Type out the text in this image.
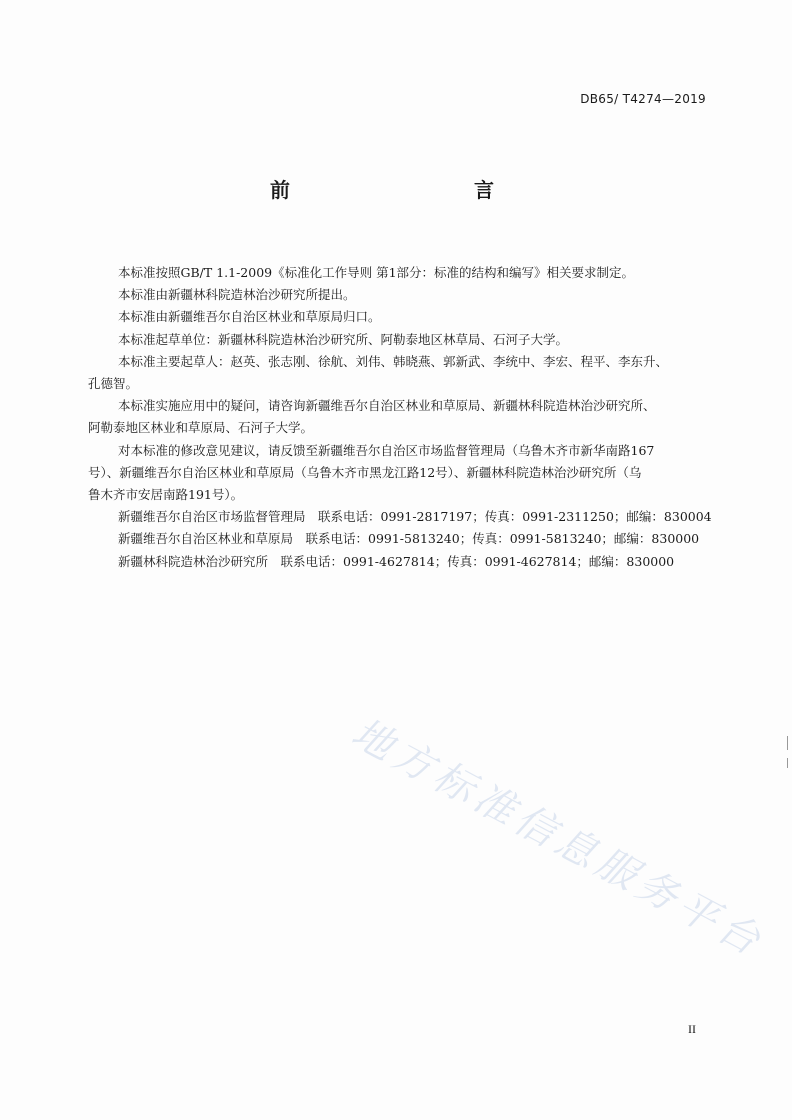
DB65/ T4274—2019
前　　言

本标准按照GB/T 1.1-2009《标准化工作导则 第1部分：标准的结构和编写》相关要求制定。

本标准由新疆林科院造林治沙研究所提出。

本标准由新疆维吾尔自治区林业和草原局归口。

本标准起草单位：新疆林科院造林治沙研究所、阿勒泰地区林草局、石河子大学。

本标准主要起草人：赵英、张志刚、徐航、刘伟、韩晓燕、郭新武、李统中、李宏、程平、李东升、

孔德智。

本标准实施应用中的疑问，请咨询新疆维吾尔自治区林业和草原局、新疆林科院造林治沙研究所、

阿勒泰地区林业和草原局、石河子大学。

对本标准的修改意见建议，请反馈至新疆维吾尔自治区市场监督管理局（乌鲁木齐市新华南路167

号）、新疆维吾尔自治区林业和草原局（乌鲁木齐市黑龙江路12号）、新疆林科院造林治沙研究所（乌

鲁木齐市安居南路191号）。

新疆维吾尔自治区市场监督管理局　联系电话：0991-2817197；传真：0991-2311250；邮编：830004

新疆维吾尔自治区林业和草原局　联系电话：0991-5813240；传真：0991-5813240；邮编：830000

新疆林科院造林治沙研究所　联系电话：0991-4627814；传真：0991-4627814；邮编：830000

地方标准信息服务平台
II
